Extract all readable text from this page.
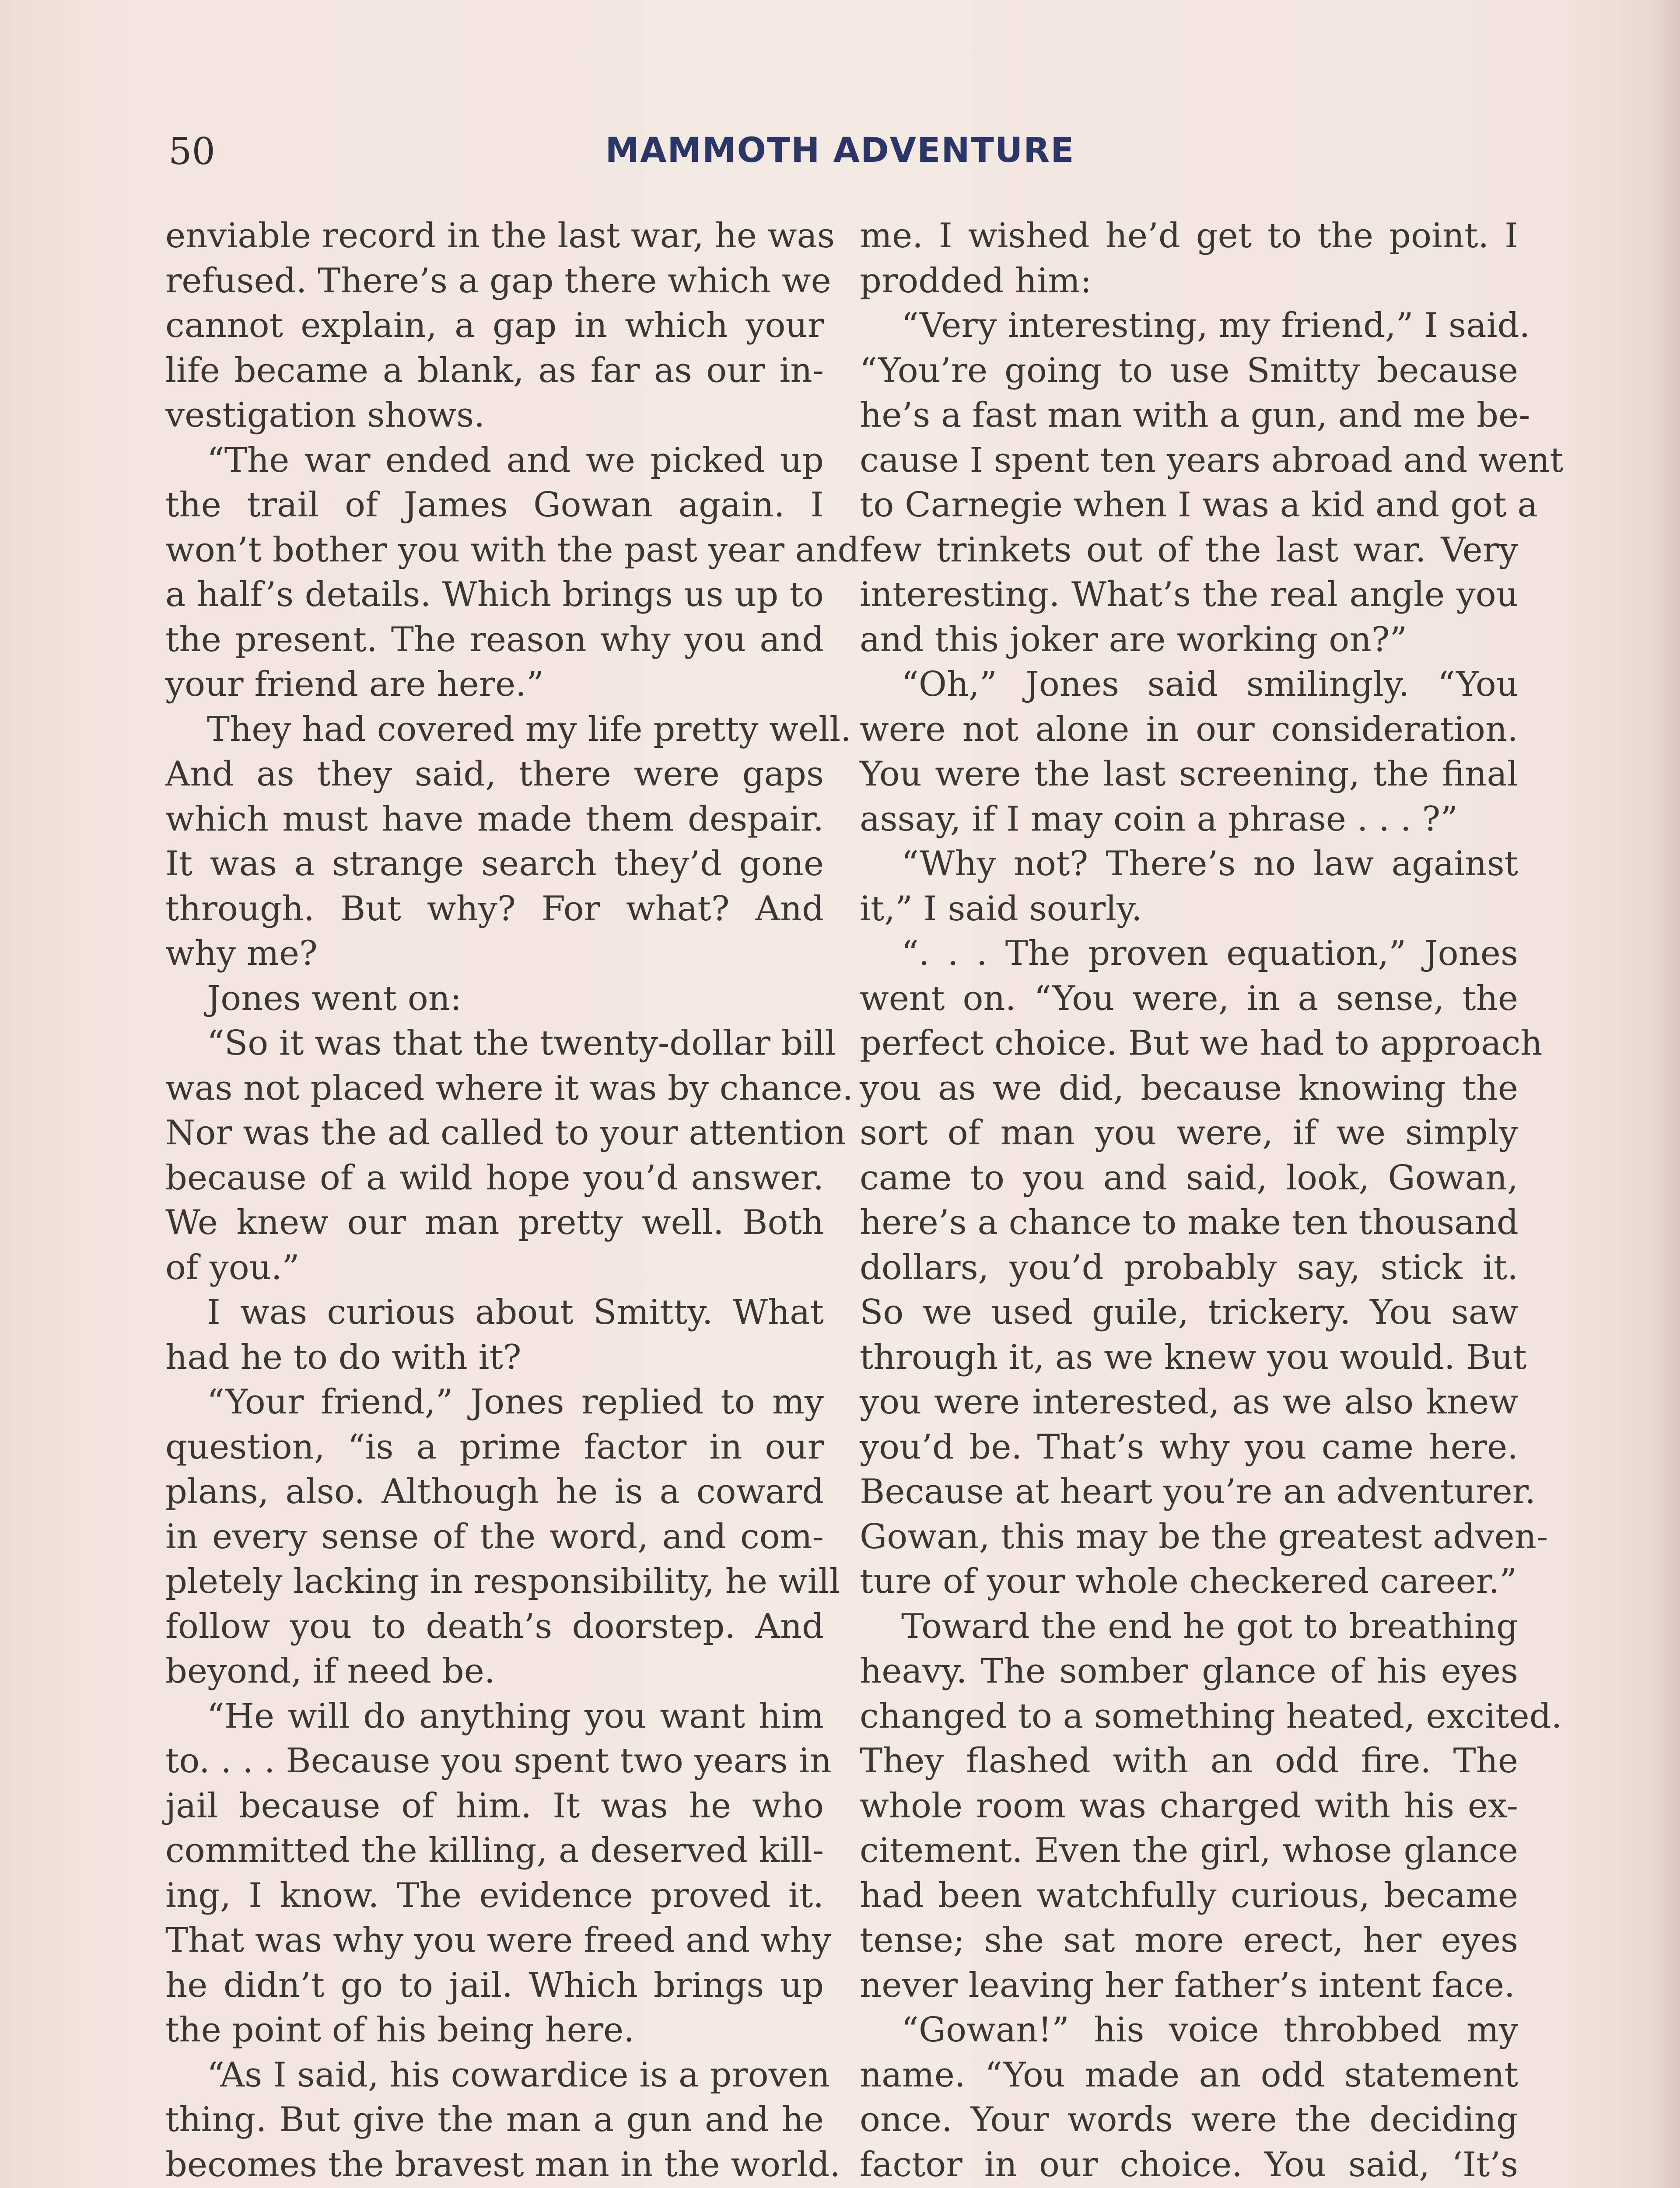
50	MAMMOTH ADVENTURE
enviable record in the last war, he was
refused. There’s a gap there which we
cannot explain, a gap in which your
life became a blank, as far as our in-
vestigation shows.
“The war ended and we picked up
the trail of James Gowan again. I
won’t bother you with the past year and
a half’s details. Which brings us up to
the present. The reason why you and
your friend are here.”
They had covered my life pretty well.
And as they said, there were gaps
which must have made them despair.
It was a strange search they’d gone
through. But why? For what? And
why me?
Jones went on:
“So it was that the twenty-dollar bill
was not placed where it was by chance.
Nor was the ad called to your attention
because of a wild hope you’d answer.
We knew our man pretty well. Both
of you.”
I was curious about Smitty. What
had he to do with it?
“Your friend,” Jones replied to my
question, “is a prime factor in our
plans, also. Although he is a coward
in every sense of the word, and com-
pletely lacking in responsibility, he will
follow you to death’s doorstep. And
beyond, if need be.
“He will do anything you want him
to. . . . Because you spent two years in
jail because of him. It was he who
committed the killing, a deserved kill-
ing, I know. The evidence proved it.
That was why you were freed and why
he didn’t go to jail. Which brings up
the point of his being here.
“As I said, his cowardice is a proven
thing. But give the man a gun and he
becomes the bravest man in the world.
me. I wished he’d get to the point. I
prodded him:
“Very interesting, my friend,” I said.
“You’re going to use Smitty because
he’s a fast man with a gun, and me be-
cause I spent ten years abroad and went
to Carnegie when I was a kid and got a
few trinkets out of the last war. Very
interesting. What’s the real angle you
and this joker are working on?”
“Oh,” Jones said smilingly. “You
were not alone in our consideration.
You were the last screening, the final
assay, if I may coin a phrase . . . ?”
“Why not? There’s no law against
it,” I said sourly.
“. . . The proven equation,” Jones
went on. “You were, in a sense, the
perfect choice. But we had to approach
you as we did, because knowing the
sort of man you were, if we simply
came to you and said, look, Gowan,
here’s a chance to make ten thousand
dollars, you’d probably say, stick it.
So we used guile, trickery. You saw
through it, as we knew you would. But
you were interested, as we also knew
you’d be. That’s why you came here.
Because at heart you’re an adventurer.
Gowan, this may be the greatest adven-
ture of your whole checkered career.”
Toward the end he got to breathing
heavy. The somber glance of his eyes
changed to a something heated, excited.
They flashed with an odd fire. The
whole room was charged with his ex-
citement. Even the girl, whose glance
had been watchfully curious, became
tense; she sat more erect, her eyes
never leaving her father’s intent face.
“Gowan!” his voice throbbed my
name. “You made an odd statement
once. Your words were the deciding
factor in our choice. You said, ‘It’s
